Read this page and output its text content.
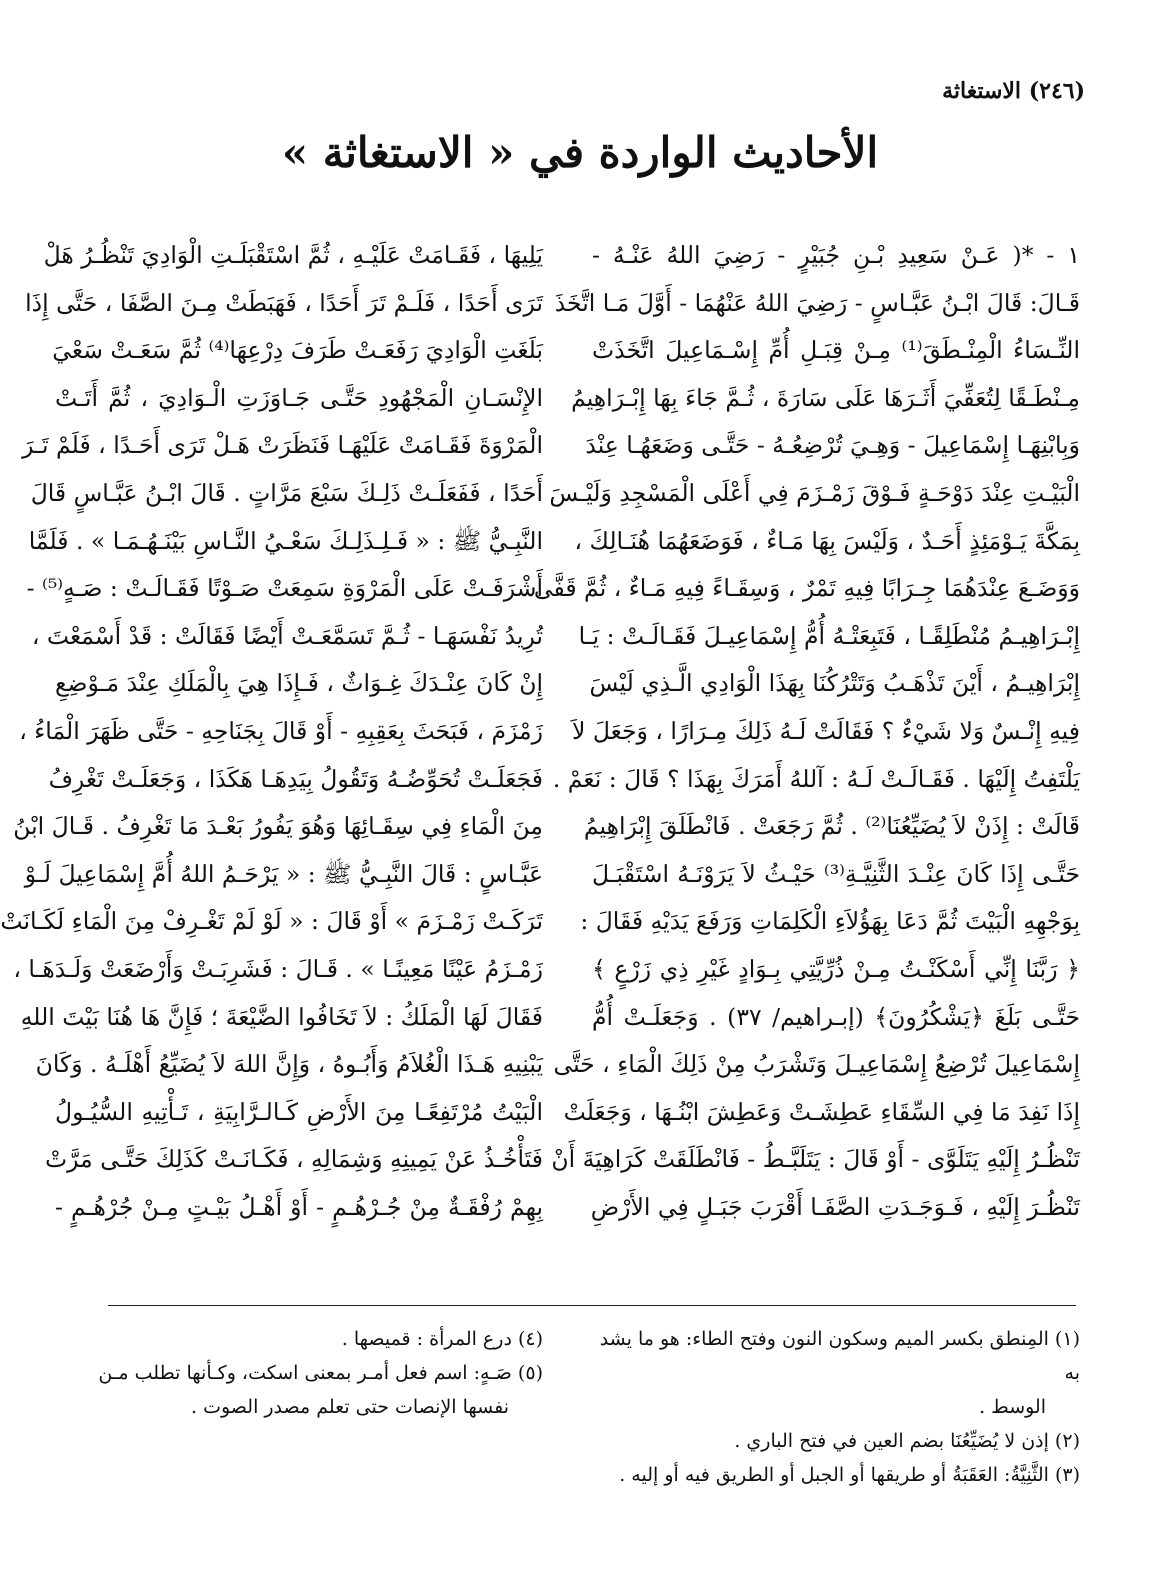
(٢٤٦) الاستغاثة
الأحاديث الواردة في « الاستغاثة »
١ - *( عَـنْ سَعِيدِ بْـنِ جُبَيْرٍ - رَضِيَ اللهُ عَنْـهُ -
قَـالَ: قَالَ ابْـنُ عَبَّـاسٍ - رَضِيَ اللهُ عَنْهُمَا - أَوَّلَ مَـا اتَّخَذَ
النِّـسَاءُ الْمِنْـطَقَ⁽¹⁾ مِـنْ قِبَـلِ أُمِّ إِسْـمَاعِيلَ اتَّخَذَتْ
مِـنْطَـقًا لِتُعَفِّيَ أَثَـرَهَا عَلَى سَارَةَ ، ثُـمَّ جَاءَ بِهَا إِبْـرَاهِيمُ
وَبِابْنِهَـا إِسْمَاعِيلَ - وَهِـيَ تُرْضِعُـهُ - حَتَّـى وَضَعَهُـا عِنْدَ
الْبَيْـتِ عِنْدَ دَوْحَـةٍ فَـوْقَ زَمْـزَمَ فِي أَعْلَى الْمَسْجِدِ وَلَيْـسَ
بِمَكَّةَ يَـوْمَئِذٍ أَحَـدٌ ، وَلَيْسَ بِهَا مَـاءٌ ، فَوَضَعَهُمَا هُنَـالِكَ ،
وَوَضَـعَ عِنْدَهُمَا جِـرَابًا فِيهِ تَمْرٌ ، وَسِقَـاءً فِيهِ مَـاءٌ ، ثُمَّ قَفَّى
إِبْـرَاهِيـمُ مُنْطَلِقًـا ، فَتَبِعَتْـهُ أُمُّ إِسْمَاعِيـلَ فَقَـالَـتْ : يَـا
إِبْرَاهِيـمُ ، أَيْنَ تَذْهَـبُ وَتَتْرُكُنَا بِهَذَا الْوَادِي الَّـذِي لَيْسَ
فِيهِ إِنْـسٌ وَلا شَيْءٌ ؟ فَقَالَتْ لَـهُ ذَلِكَ مِـرَارًا ، وَجَعَلَ لاَ
يَلْتَفِتُ إِلَيْهَا . فَقَـالَـتْ لَـهُ : آللهُ أَمَرَكَ بِهَذَا ؟ قَالَ : نَعَمْ .
قَالَتْ : إِذَنْ لاَ يُضَيِّعُنَا⁽²⁾ . ثُمَّ رَجَعَتْ . فَانْطَلَقَ إِبْرَاهِيمُ
حَتَّـى إِذَا كَانَ عِنْـدَ الثَّنِيَّـةِ⁽³⁾ حَيْـثُ لاَ يَرَوْنَـهُ اسْتَقْبَـلَ
بِوَجْهِهِ الْبَيْتَ ثُمَّ دَعَا بِهَؤُلاَءِ الْكَلِمَاتِ وَرَفَعَ يَدَيْهِ فَقَالَ :
﴿ رَبَّنَا إِنِّي أَسْكَنْـتُ مِـنْ ذُرِّيَّتِي بِـوَادٍ غَيْرِ ذِي زَرْعٍ ﴾
حَتَّـى بَلَغَ ﴿يَشْكُرُونَ﴾ (إبـراهيم/ ٣٧) . وَجَعَلَـتْ أُمُّ
إِسْمَاعِيلَ تُرْضِعُ إِسْمَاعِيـلَ وَتَشْرَبُ مِنْ ذَلِكَ الْمَاءِ ، حَتَّى
إِذَا نَفِدَ مَا فِي السِّقَاءِ عَطِشَـتْ وَعَطِشَ ابْنُـهَا ، وَجَعَلَتْ
تَنْظُـرُ إِلَيْهِ يَتَلَوَّى - أَوْ قَالَ : يَتَلَبَّـطُ - فَانْطَلَقَتْ كَرَاهِيَةَ أَنْ
تَنْظُـرَ إِلَيْهِ ، فَـوَجَـدَتِ الصَّفَـا أَقْرَبَ جَبَـلٍ فِي الأَرْضِ
يَلِيهَا ، فَقَـامَتْ عَلَيْـهِ ، ثُمَّ اسْتَقْبَلَـتِ الْوَادِيَ تَنْظُـرُ هَلْ
تَرَى أَحَدًا ، فَلَـمْ تَرَ أَحَدًا ، فَهَبَطَتْ مِـنَ الصَّفَا ، حَتَّى إِذَا
بَلَغَتِ الْوَادِيَ رَفَعَـتْ طَرَفَ دِرْعِهَا⁽⁴⁾ ثُمَّ سَعَـتْ سَعْيَ
الإِنْسَـانِ الْمَجْهُودِ حَتَّـى جَـاوَزَتِ الْـوَادِيَ ، ثُمَّ أَتَـتْ
الْمَرْوَةَ فَقَـامَتْ عَلَيْهَـا فَنَظَرَتْ هَـلْ تَرَى أَحَـدًا ، فَلَمْ تَـرَ
أَحَدًا ، فَفَعَلَـتْ ذَلِـكَ سَبْعَ مَرَّاتٍ . قَالَ ابْـنُ عَبَّـاسٍ قَالَ
النَّبِـيُّ ﷺ : « فَـلِـذَلِـكَ سَعْـيُ النَّـاسِ بَيْنَـهُـمَـا » . فَلَمَّا
أَشْرَفَـتْ عَلَى الْمَرْوَةِ سَمِعَتْ صَـوْتًا فَقَـالَـتْ : صَـهٍ⁽⁵⁾ -
تُرِيدُ نَفْسَهَـا - ثُـمَّ تَسَمَّعَـتْ أَيْضًا فَقَالَتْ : قَدْ أَسْمَعْتَ ،
إِنْ كَانَ عِنْـدَكَ غِـوَاثٌ ، فَـإِذَا هِيَ بِالْمَلَكِ عِنْدَ مَـوْضِعِ
زَمْزَمَ ، فَبَحَثَ بِعَقِبِهِ - أَوْ قَالَ بِجَنَاحِهِ - حَتَّى ظَهَرَ الْمَاءُ ،
فَجَعَلَـتْ تُحَوِّضُـهُ وَتَقُولُ بِيَدِهَـا هَكَذَا ، وَجَعَلَـتْ تَغْرِفُ
مِنَ الْمَاءِ فِي سِقَـائِهَا وَهُوَ يَفُورُ بَعْـدَ مَا تَغْرِفُ . قَـالَ ابْنُ
عَبَّـاسٍ : قَالَ النَّبِـيُّ ﷺ : « يَرْحَـمُ اللهُ أُمَّ إِسْمَاعِيلَ لَـوْ
تَرَكَـتْ زَمْـزَمَ » أَوْ قَالَ : « لَوْ لَمْ تَغْـرِفْ مِنَ الْمَاءِ لَكَـانَتْ
زَمْـزَمُ عَيْنًا مَعِينًـا » . قَـالَ : فَشَرِبَـتْ وَأَرْضَعَتْ وَلَـدَهَـا ،
فَقَالَ لَهَا الْمَلَكُ : لاَ تَخَافُوا الضَّيْعَةَ ؛ فَإِنَّ هَا هُنَا بَيْتَ اللهِ
يَبْنِيهِ هَـذَا الْغُلاَمُ وَأَبُـوهُ ، وَإِنَّ اللهَ لاَ يُضَيِّعُ أَهْلَـهُ . وَكَانَ
الْبَيْتُ مُرْتَفِعًـا مِنَ الأَرْضِ كَـالـرَّابِيَةِ ، تَـأْتِيهِ السُّيُـولُ
فَتَأْخُـذُ عَنْ يَمِينِهِ وَشِمَالِهِ ، فَكَـانَـتْ كَذَلِكَ حَتَّـى مَرَّتْ
بِهِمْ رُفْقَـةٌ مِنْ جُـرْهُـمٍ - أَوْ أَهْـلُ بَيْـتٍ مِـنْ جُرْهُـمٍ -
(١) المِنطق بكسر الميم وسكون النون وفتح الطاء: هو ما يشد به
الوسط .
(٢) إذن لا يُضَيِّعُنَا بضم العين في فتح الباري .
(٣) الثَّنِيَّةُ: العَقَبَةُ أو طريقها أو الجبل أو الطريق فيه أو إليه .
(٤) درع المرأة : قميصها .
(٥) صَـهٍ: اسم فعل أمـر بمعنى اسكت، وكـأنها تطلب مـن
نفسها الإنصات حتى تعلم مصدر الصوت .
